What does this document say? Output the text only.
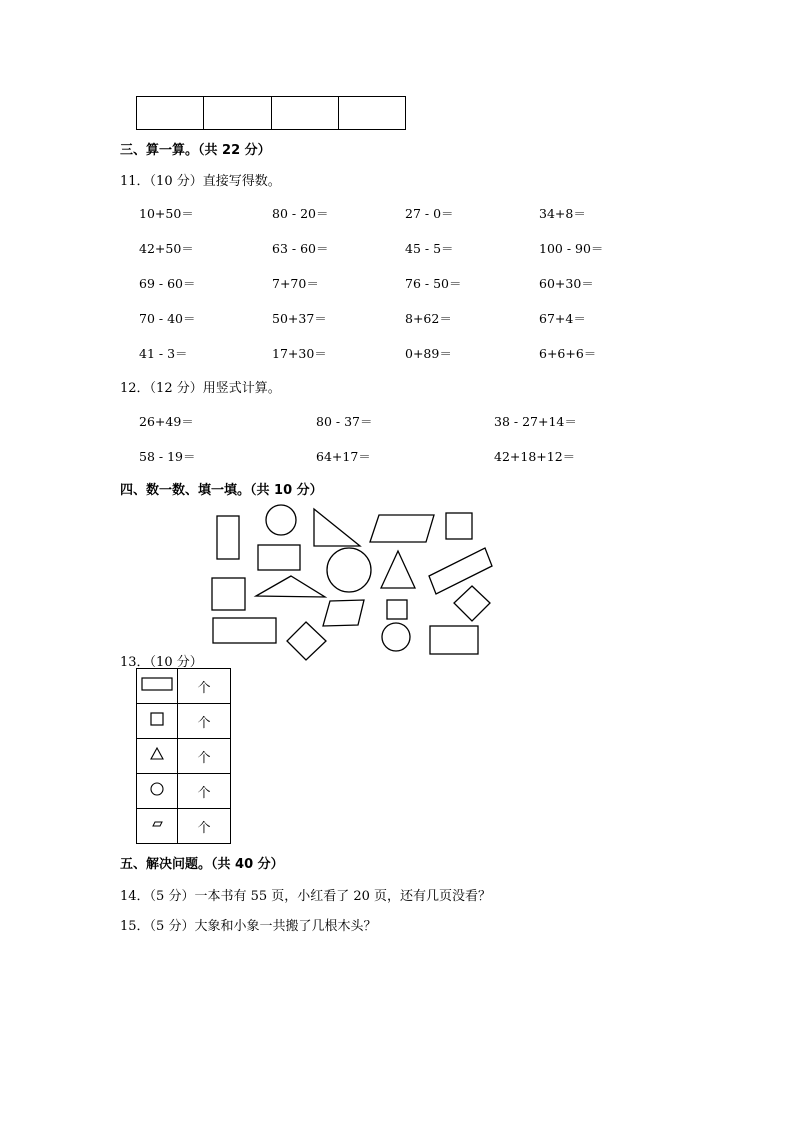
三、算一算。（共 22 分）
11．（10 分）直接写得数。
10+50＝	80 - 20＝	27 - 0＝	34+8＝
42+50＝	63 - 60＝	45 - 5＝	100 - 90＝
69 - 60＝	7+70＝	76 - 50＝	60+30＝
70 - 40＝	50+37＝	8+62＝	67+4＝
41 - 3＝	17+30＝	0+89＝	6+6+6＝
12．（12 分）用竖式计算。
26+49＝	80 - 37＝	38 - 27+14＝
58 - 19＝	64+17＝	42+18+12＝
四、数一数、填一填。（共 10 分）
13．（10 分）
	个
	个
	个
	个
	个
五、解决问题。（共 40 分）
14．（5 分）一本书有 55 页，小红看了 20 页，还有几页没看？
15．（5 分）大象和小象一共搬了几根木头？
